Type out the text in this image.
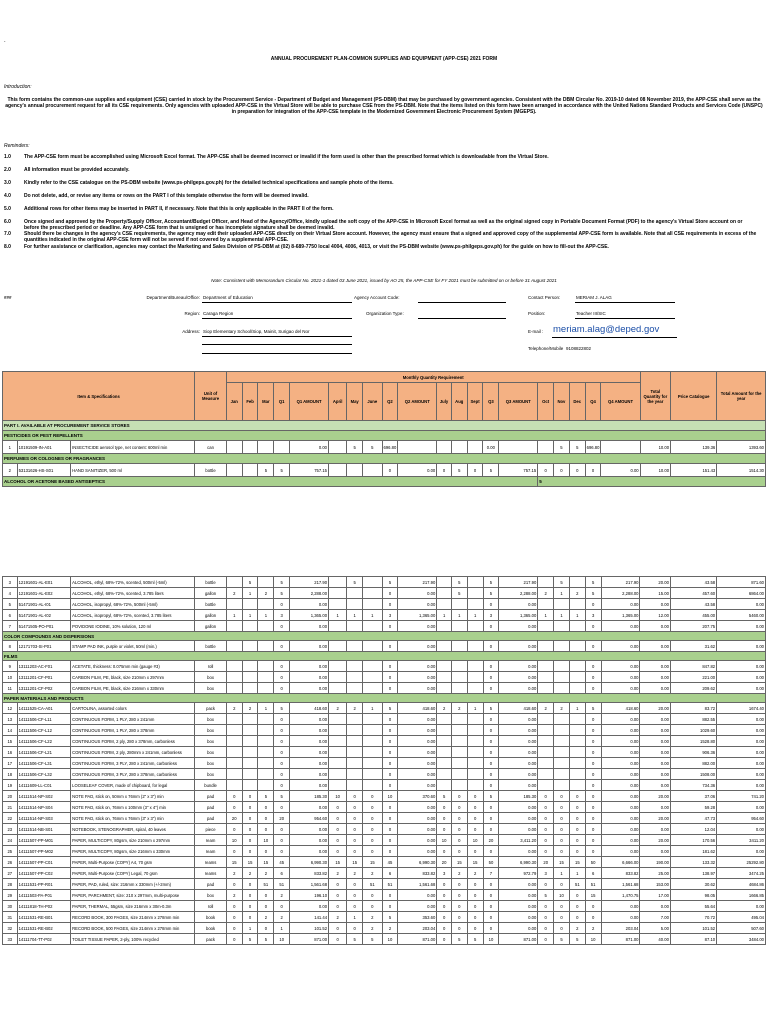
.
ANNUAL PROCUREMENT PLAN-COMMON SUPPLIES AND EQUIPMENT (APP-CSE) 2021 FORM
Introduction:
This form contains the common-use supplies and equipment (CSE) carried in stock by the Procurement Service - Department of Budget and Management (PS-DBM) that may be purchased by government agencies. Consistent with the DBM Circular No. 2019-10 dated 08 November 2019, the APP-CSE shall serve as the agency's annual procurement request for all its CSE requirements. Only agencies with uploaded APP-CSE in the Virtual Store will be able to purchase CSE from the PS-DBM. Note that the items listed on this form have been arranged in accordance with the United Nations Standard Products and Services Code (UNSPC) in preparation for integration of the APP-CSE template in the Modernized Government Electronic Procurement System (MGEPS).
Reminders:
1.0	The APP-CSE form must be accomplished using Microsoft Excel format. The APP-CSE shall be deemed incorrect or invalid if the form used is other than the prescribed format which is downloadable from the Virtual Store.
2.0	All information must be provided accurately.
3.0	Kindly refer to the CSE catalogue on the PS-DBM website (www.ps-philgeps.gov.ph) for the detailed technical specifications and sample photo of the items.
4.0	Do not delete, add, or revise any items or rows on the PART I of this template otherwise the form will be deemed invalid.
5.0	Additional rows for other items may be inserted in PART II, if necessary. Note that this is only applicable in the PART II of the form.
6.0	Once signed and approved by the Property/Supply Officer, Accountant/Budget Officer, and Head of the Agency/Office, kindly upload the soft copy of the APP-CSE in Microsoft Excel format as well as the original signed copy in Portable Document Format (PDF) to the agency's Virtual Store account on or before the prescribed period or deadline. Any APP-CSE form that is unsigned or has incomplete signature shall be deemed invalid.
7.0	Should there be changes in the agency's CSE requirements, the agency may edit their uploaded APP-CSE directly on their Virtual Store account. However, the agency must ensure that a signed and approved copy of the supplemental APP-CSE form is available. Note that all CSE requirements in excess of the quantities indicated in the original APP-CSE form will not be served if not covered by a supplemental APP-CSE.
8.0	For further assistance or clarification, agencies may contact the Marketing and Sales Division of PS-DBM at (02) 8-689-7750 local 4004, 4006, 4013, or visit the PS-DBM website (www.ps-philgeps.gov.ph) for the guide on how to fill-out the APP-CSE.
Note: Consistent with Memorandum Circular No. 2021-1 dated 03 June 2021, issued by AO 25, the APP-CSE for FY 2021 must be submitted on or before 31 August 2021
###	Department/Bureau/Office: Department of Education
Region: Caraga Region
Address: Siop Elementary School/Siop, Mainit, Surigao del Nor
Agency Account Code:
Organization Type:
Contact Person:	MERIAM J. ALAG
Position:	Teacher III/SIC
E-mail : meriam.alag@deped.gov
Telephone/Mobile 9108822802
Item & Specifications			Unit of Measure	Monthly Quantity Requirement																				Total Quantity for the year	Price Catalogue	Total Amount for the year
				Jan	Feb	Mar	Q1	Q1 AMOUNT	April	May	June	Q2	Q2 AMOUNT	July	Aug	Sept	Q3	Q3 AMOUNT	Oct	Nov	Dec	Q4	Q4 AMOUNT			
PART I. AVAILABLE AT PROCUREMENT SERVICE STORES																										
PESTICIDES OR PEST REPELLENTS																										
1	10191509-IN-A01	INSECTICIDE aerosol type, net content: 600ml min	can					0.00		5	5	696.80					0.00			5	5	696.80		10.00	139.36	1393.60
PERFUMES OR COLOGNES OR FRAGRANCES																										
2	53131626-HS-S01	HAND SANITIZER, 500 ml	bottle			5	5	757.15				0	0.00	0	5	0	5	757.15	0	0	0	0	0.00	10.00	151.43	1514.30
ALCOHOL OR ACETONE BASED ANTISEPTICS																			5							
3	12191601-AL-E01	ALCOHOL, ethyl, 68%-72%, scented, 500ml (-5ml)	bottle		5		5	217.90		5		5	217.90		5		5	217.90		5		5	217.90	20.00	43.58	871.60
4	12191601-AL-E02	ALCOHOL, ethyl, 68%-72%, scented, 3.785 liters	gallon	2	1	2	5	2,288.00				0	0.00		5		5	2,288.00	2	1	2	5	2,288.00	15.00	457.60	6864.00
5	51471901-AL-I01	ALCOHOL, isopropyl, 68%-72%, 500ml (-5ml)	bottle				0	0.00				0	0.00				0	0.00				0	0.00	0.00	43.58	0.00
6	51471901-AL-I02	ALCOHOL, isopropyl, 68%-72%, scented, 3.785 liters	gallon	1	1	1	3	1,365.00	1	1	1	3	1,365.00	1	1	1	3	1,365.00	1	1	1	3	1,365.00	12.00	455.00	5460.00
7	51471505-PO-P01	POVIDONE IODINE, 10% solution, 120 ml	gallon				0	0.00				0	0.00				0	0.00				0	0.00	0.00	207.75	0.00
COLOR COMPOUNDS AND DISPERSIONS																										
8	12171703-SI-P01	STAMP PAD INK, purple or violet, 50ml (min.)	bottle				0	0.00				0	0.00				0	0.00				0	0.00	0.00	31.62	0.00
FILMS																										
9	13111203-AC-F01	ACETATE, thickness: 0.075mm min (gauge #3)	roll				0	0.00				0	0.00				0	0.00				0	0.00	0.00	847.82	0.00
10	13111201-CF-P01	CARBON FILM, PE, black, size 210mm x 297mm	box				0	0.00				0	0.00				0	0.00				0	0.00	0.00	221.00	0.00
11	13111201-CF-P02	CARBON FILM, PE, black, size 216mm x 330mm	box				0	0.00				0	0.00				0	0.00				0	0.00	0.00	209.62	0.00
PAPER MATERIALS AND PRODUCTS																										
12	14111525-CA-A01	CARTOLINA, assorted colors	pack	2	2	1	5	418.60	2	2	1	5	418.60	2	2	1	5	418.60	2	2	1	5	418.60	20.00	83.72	1674.40
13	14111506-CF-L11	CONTINUOUS FORM, 1 PLY, 280 x 241mm	box				0	0.00				0	0.00				0	0.00				0	0.00	0.00	882.55	0.00
14	14111506-CF-L12	CONTINUOUS FORM, 1 PLY, 280 x 378mm	box				0	0.00				0	0.00				0	0.00				0	0.00	0.00	1029.60	0.00
15	14111506-CF-L22	CONTINUOUS FORM, 2 ply, 280 x 378mm, carbonless	box				0	0.00				0	0.00				0	0.00				0	0.00	0.00	1528.80	0.00
16	14111506-CF-L21	CONTINUOUS FORM, 2 ply, 280mm x 241mm, carbonless	box				0	0.00				0	0.00				0	0.00				0	0.00	0.00	906.36	0.00
17	14111506-CF-L31	CONTINUOUS FORM, 3 PLY, 280 x 241mm, carbonless	box				0	0.00				0	0.00				0	0.00				0	0.00	0.00	882.00	0.00
18	14111506-CF-L32	CONTINUOUS FORM, 3 PLY, 280 x 378mm, carbonless	box				0	0.00				0	0.00				0	0.00				0	0.00	0.00	1508.00	0.00
19	14111609-LL-C01	LOOSELEAF COVER, made of chipboard, for legal	bundle				0	0.00				0	0.00				0	0.00				0	0.00	0.00	734.36	0.00
20	14111514-NP-S02	NOTE PAD, stick on, 50mm x 76mm (2" x 3") min	pad	0	0	5	5	185.30	10	0	0	10	370.60	5	0	0	5	185.30	0	0	0	0	0.00	20.00	37.06	741.20
21	14111514-NP-S04	NOTE PAD, stick on, 76mm x 100mm (3" x 4") min	pad	0	0	0	0	0.00	0	0	0	0	0.00	0	0	0	0	0.00	0	0	0	0	0.00	0.00	59.28	0.00
22	14111514-NP-S03	NOTE PAD, stick on, 76mm x 76mm (3" x 3") min	pad	20	0	0	20	954.60	0	0	0	0	0.00	0	0	0	0	0.00	0	0	0	0	0.00	20.00	47.73	954.60
23	14111514-NB-S01	NOTEBOOK, STENOGRAPHER, spiral, 40 leaves	piece	0	0	0	0	0.00	0	0	0	0	0.00	0	0	0	0	0.00	0	0	0	0	0.00	0.00	12.04	0.00
24	14111507-PP-M01	PAPER, MULTICOPY, 80gsm, size 210mm x 297mm	ream	10	0	10	0	0.00	0	0	0	0	0.00	10	0	10	20	3,411.20	0	0	0	0	0.00	20.00	170.56	3411.20
25	14111507-PP-M02	PAPER, MULTICOPY, 80gsm, size 216mm x 330mm	ream	0	0	0	0	0.00	0	0	0	0	0.00	0	0	0	0	0.00	0	0	0	0	0.00	0.00	181.62	0.00
26	14111507-PP-C01	PAPER, Multi-Purpose (COPY) A4, 70 gsm	reams	15	15	15	45	6,990.30	15	15	15	45	6,990.30	20	15	15	50	6,990.30	20	15	15	50	6,666.00	190.00	133.32	25292.80
27	14111507-PP-C02	PAPER, Multi-Purpose (COPY) Legal, 70 gsm	reams	2	2	2	6	833.82	2	2	2	6	833.82	3	2	2	7	972.79	3	1	1	6	833.82	25.00	138.97	3474.25
28	14111531-PP-R01	PAPER, PAD, ruled, size: 216mm x 330mm (+/-2mm)	pad	0	0	51	51	1,561.68	0	0	51	51	1,561.68	0	0	0	0	0.00	0	0	51	51	1,561.68	153.00	30.62	4684.86
29	14111503-PA-P01	PAPER, PARCHMENT, size: 210 x 297mm, multi-purpose	box	2	0	0	2	196.10	0	0	0	0	0.00	0	0	0	0	0.00	5	10	0	15	1,470.75	17.00	98.05	1666.85
30	14111818-TH-P02	PAPER, THERMAL, 55gsm, size 216mm x 30m-0.3m	roll	0	0	0	0	0.00	0	0	0	0	0.00	0	0	0	0	0.00	0	0	0	0	0.00	0.00	55.64	0.00
31	14111531-RE-B01	RECORD BOOK, 300 PAGES, size 214mm x 278mm min	book	0	0	2	2	141.44	2	1	2	5	353.60	0	0	0	0	0.00	0	0	0	0	0.00	7.00	70.72	495.04
32	14111531-RE-B02	RECORD BOOK, 500 PAGES, size 214mm x 278mm min	book	0	1	0	1	101.52	0	0	2	2	203.04	0	0	0	0	0.00	0	0	2	2	203.04	5.00	101.52	507.60
33	14111704-TT-P02	TOILET TISSUE PAPER, 2-ply, 100% recycled	pack	0	5	5	10	871.00	0	5	5	10	871.00	0	5	5	10	871.00	0	5	5	10	871.00	40.00	87.10	3484.00
